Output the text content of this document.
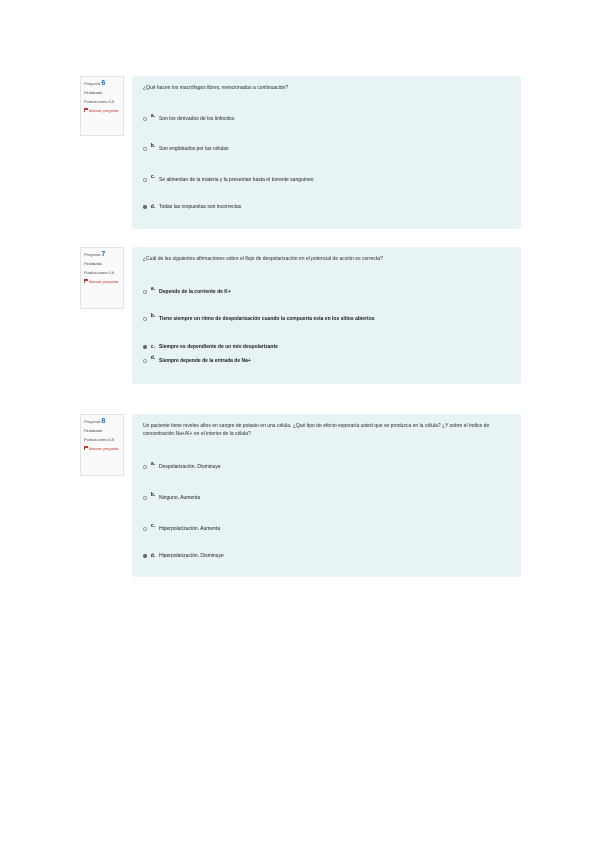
Pregunta 6
Finalizado
Puntúa como 0,5
Marcar pregunta
¿Qué hacen los macrófagos libres, mencionados a continuación?
a. Son los derivados de los linfocitos
b. Son englobados por las células
c. Se alimentan de la materia y la presentan hasta el torrente sanguíneo
d. Todas las respuestas son incorrectas
Pregunta 7
Finalizado
Puntúa como 0,5
Marcar pregunta
¿Cuál de las siguientes afirmaciones sobre el flujo de despolarización en el potencial de acción es correcta?
a. Depende de la corriente de K+
b. Tiene siempre un ritmo de despolarización cuando la compuerta esta en los sitios abiertos
c. Siempre es dependiente de un mío despolarizante
d. Siempre depende de la entrada de Na+
Pregunta 8
Finalizado
Puntúa como 0,5
Marcar pregunta
Un paciente tiene niveles altos en sangre de potasio en una célula. ¿Qué tipo de efecto esperaría usted que se produzca en la célula? ¿Y sobre el índice de concentración Na+/K+ en el interior de la célula?
a. Despolarización. Disminuye
b. Ninguno. Aumenta
c. Hiperpolarización. Aumenta
d. Hiperpolarización. Disminuye
